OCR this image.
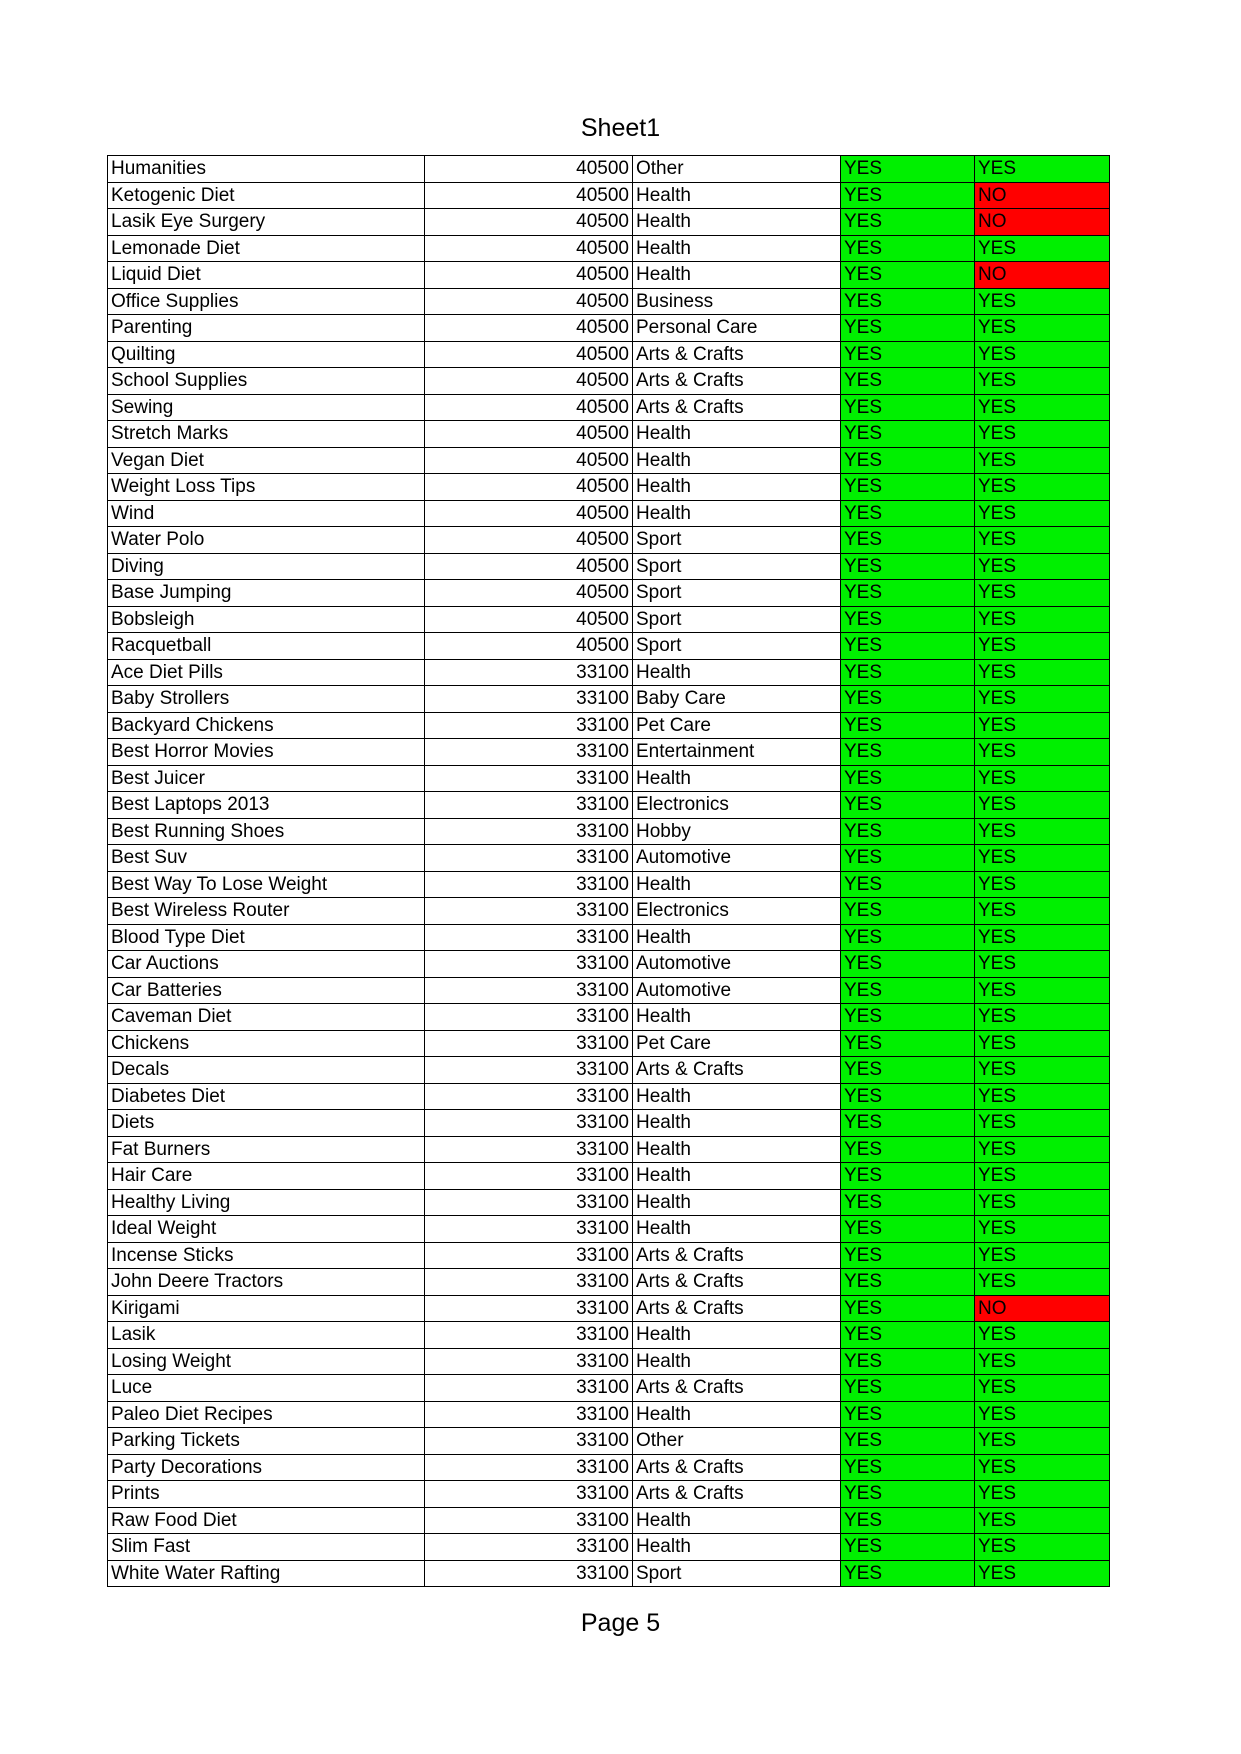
Sheet1
Humanities	40500	Other	YES	YES
Ketogenic Diet	40500	Health	YES	NO
Lasik Eye Surgery	40500	Health	YES	NO
Lemonade Diet	40500	Health	YES	YES
Liquid Diet	40500	Health	YES	NO
Office Supplies	40500	Business	YES	YES
Parenting	40500	Personal Care	YES	YES
Quilting	40500	Arts & Crafts	YES	YES
School Supplies	40500	Arts & Crafts	YES	YES
Sewing	40500	Arts & Crafts	YES	YES
Stretch Marks	40500	Health	YES	YES
Vegan Diet	40500	Health	YES	YES
Weight Loss Tips	40500	Health	YES	YES
Wind	40500	Health	YES	YES
Water Polo	40500	Sport	YES	YES
Diving	40500	Sport	YES	YES
Base Jumping	40500	Sport	YES	YES
Bobsleigh	40500	Sport	YES	YES
Racquetball	40500	Sport	YES	YES
Ace Diet Pills	33100	Health	YES	YES
Baby Strollers	33100	Baby Care	YES	YES
Backyard Chickens	33100	Pet Care	YES	YES
Best Horror Movies	33100	Entertainment	YES	YES
Best Juicer	33100	Health	YES	YES
Best Laptops 2013	33100	Electronics	YES	YES
Best Running Shoes	33100	Hobby	YES	YES
Best Suv	33100	Automotive	YES	YES
Best Way To Lose Weight	33100	Health	YES	YES
Best Wireless Router	33100	Electronics	YES	YES
Blood Type Diet	33100	Health	YES	YES
Car Auctions	33100	Automotive	YES	YES
Car Batteries	33100	Automotive	YES	YES
Caveman Diet	33100	Health	YES	YES
Chickens	33100	Pet Care	YES	YES
Decals	33100	Arts & Crafts	YES	YES
Diabetes Diet	33100	Health	YES	YES
Diets	33100	Health	YES	YES
Fat Burners	33100	Health	YES	YES
Hair Care	33100	Health	YES	YES
Healthy Living	33100	Health	YES	YES
Ideal Weight	33100	Health	YES	YES
Incense Sticks	33100	Arts & Crafts	YES	YES
John Deere Tractors	33100	Arts & Crafts	YES	YES
Kirigami	33100	Arts & Crafts	YES	NO
Lasik	33100	Health	YES	YES
Losing Weight	33100	Health	YES	YES
Luce	33100	Arts & Crafts	YES	YES
Paleo Diet Recipes	33100	Health	YES	YES
Parking Tickets	33100	Other	YES	YES
Party Decorations	33100	Arts & Crafts	YES	YES
Prints	33100	Arts & Crafts	YES	YES
Raw Food Diet	33100	Health	YES	YES
Slim Fast	33100	Health	YES	YES
White Water Rafting	33100	Sport	YES	YES
Page 5
